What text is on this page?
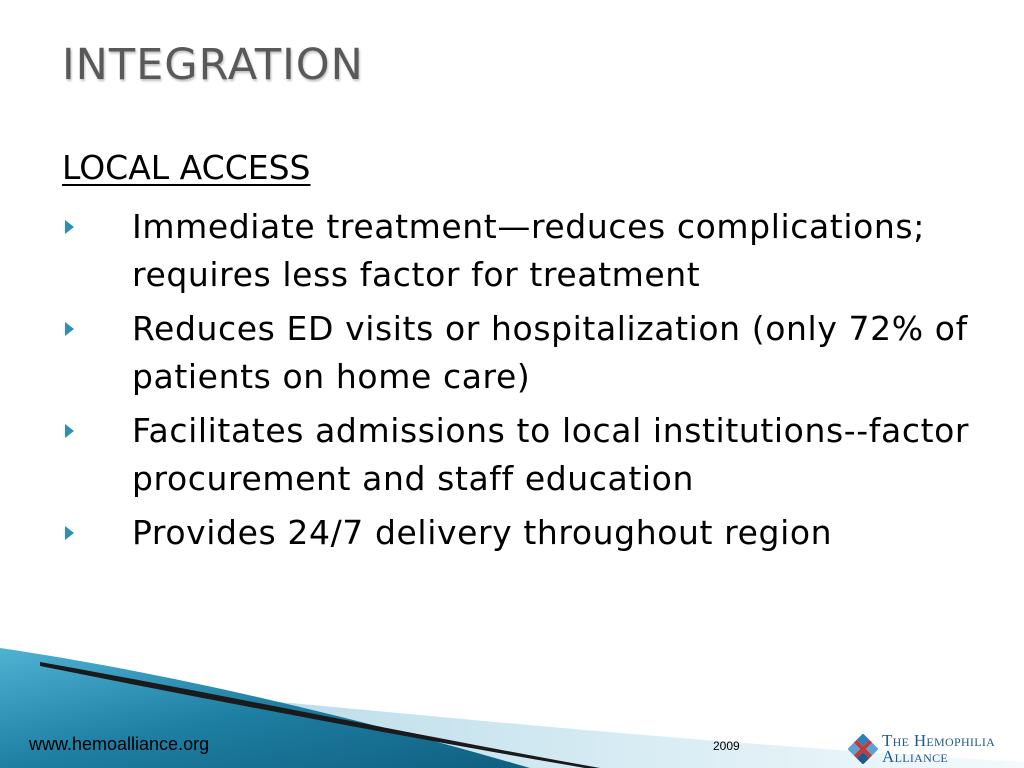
INTEGRATION
LOCAL ACCESS
Immediate treatment—reduces complications; requires less factor for treatment
Reduces ED visits or hospitalization (only 72% of patients on home care)
Facilitates admissions to local institutions--factor procurement and staff education
Provides 24/7 delivery throughout region
www.hemoalliance.org	2009	The Hemophilia
Alliance
